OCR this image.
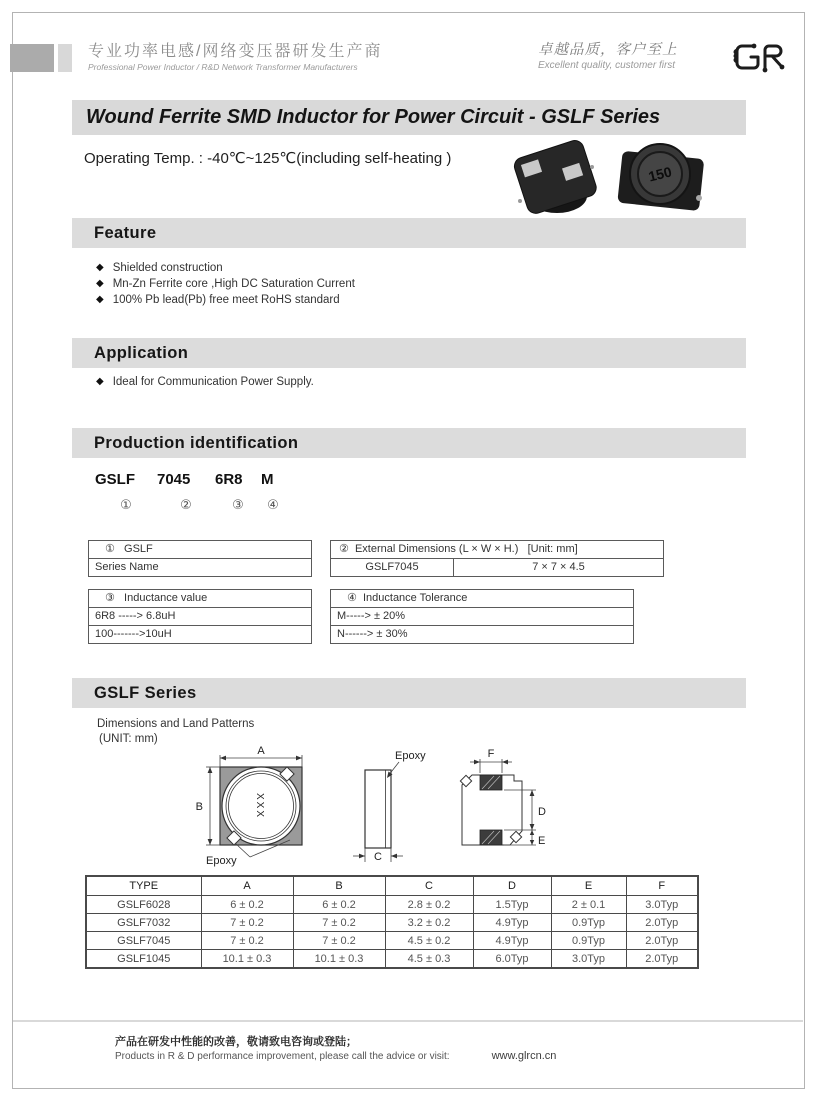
专业功率电感/网络变压器研发生产商
Professional Power Inductor / R&D Network Transformer Manufacturers
卓越品质，客户至上
Excellent quality, customer first
Wound Ferrite SMD Inductor for Power Circuit - GSLF Series
Operating Temp. : -40℃~125℃(including self-heating )
150
Feature
◆ Shielded construction
◆ Mn-Zn Ferrite core ,High DC Saturation Current
◆ 100% Pb lead(Pb) free meet RoHS standard
Application
◆ Ideal for Communication Power Supply.
Production identification
GSLF 7045 6R8 M
①	②	③ ④
①   GSLF
Series Name
②  External Dimensions (L × W × H.)   [Unit: mm]
GSLF7045	7 × 7 × 4.5
③   Inductance value
6R8 -----> 6.8uH
100------->10uH
④  Inductance Tolerance
M-----> ± 20%
N------> ± 30%
GSLF Series
Dimensions and Land Patterns
(UNIT: mm)
XXX
A
B
Epoxy
Epoxy
C
F
D
E
TYPE	A	B	C	D	E	F
GSLF6028	6 ± 0.2	6 ± 0.2	2.8 ± 0.2	1.5Typ	2 ± 0.1	3.0Typ
GSLF7032	7 ± 0.2	7 ± 0.2	3.2 ± 0.2	4.9Typ	0.9Typ	2.0Typ
GSLF7045	7 ± 0.2	7 ± 0.2	4.5 ± 0.2	4.9Typ	0.9Typ	2.0Typ
GSLF1045	10.1 ± 0.3	10.1 ± 0.3	4.5 ± 0.3	6.0Typ	3.0Typ	2.0Typ
产品在研发中性能的改善，敬请致电咨询或登陆；
Products in R & D performance improvement, please call the advice or visit:	www.glrcn.cn
